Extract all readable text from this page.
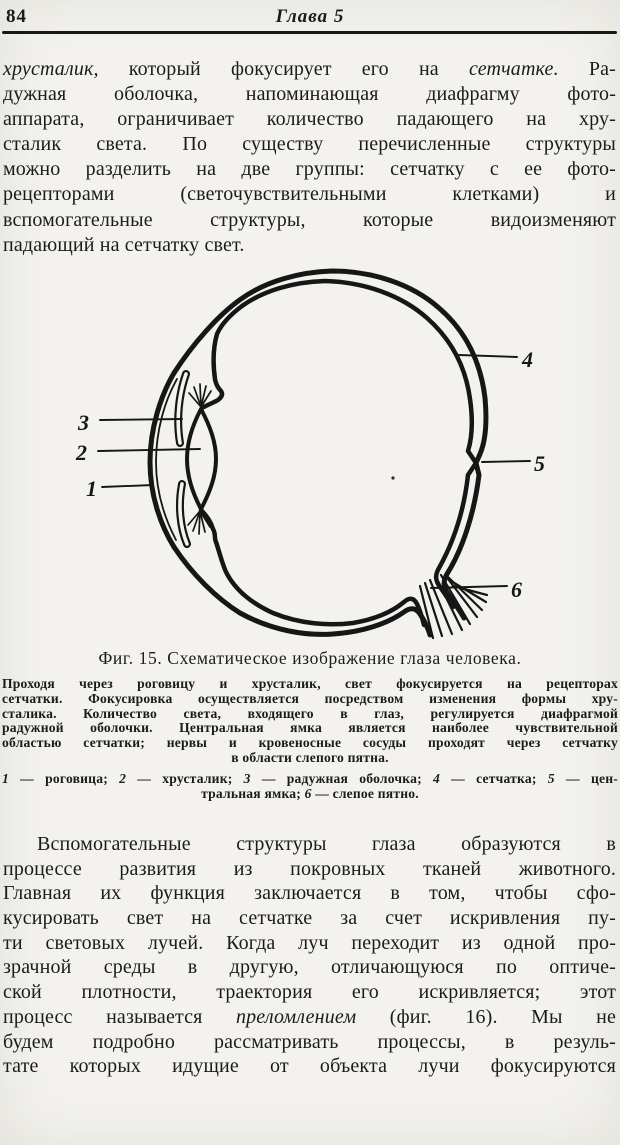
84	Глава 5
хрусталик, который фокусирует его на сетчатке. Ра-
дужная оболочка, напоминающая диафрагму фото-
аппарата, ограничивает количество падающего на хру-
сталик света. По существу перечисленные структуры
можно разделить на две группы: сетчатку с ее фото-
рецепторами (светочувствительными клетками) и
вспомогательные структуры, которые видоизменяют
падающий на сетчатку свет.
3
2
1
4
5
6
Фиг. 15. Схематическое изображение глаза человека.
Проходя через роговицу и хрусталик, свет фокусируется на рецепторах
сетчатки. Фокусировка осуществляется посредством изменения формы хру-
сталика. Количество света, входящего в глаз, регулируется диафрагмой
радужной оболочки. Центральная ямка является наиболее чувствительной
областью сетчатки; нервы и кровеносные сосуды проходят через сетчатку
в области слепого пятна.
1 — роговица; 2 — хрусталик; 3 — радужная оболочка; 4 — сетчатка; 5 — цен-
тральная ямка; 6 — слепое пятно.
Вспомогательные структуры глаза образуются в
процессе развития из покровных тканей животного.
Главная их функция заключается в том, чтобы сфо-
кусировать свет на сетчатке за счет искривления пу-
ти световых лучей. Когда луч переходит из одной про-
зрачной среды в другую, отличающуюся по оптиче-
ской плотности, траектория его искривляется; этот
процесс называется преломлением (фиг. 16). Мы не
будем подробно рассматривать процессы, в резуль-
тате которых идущие от объекта лучи фокусируются
